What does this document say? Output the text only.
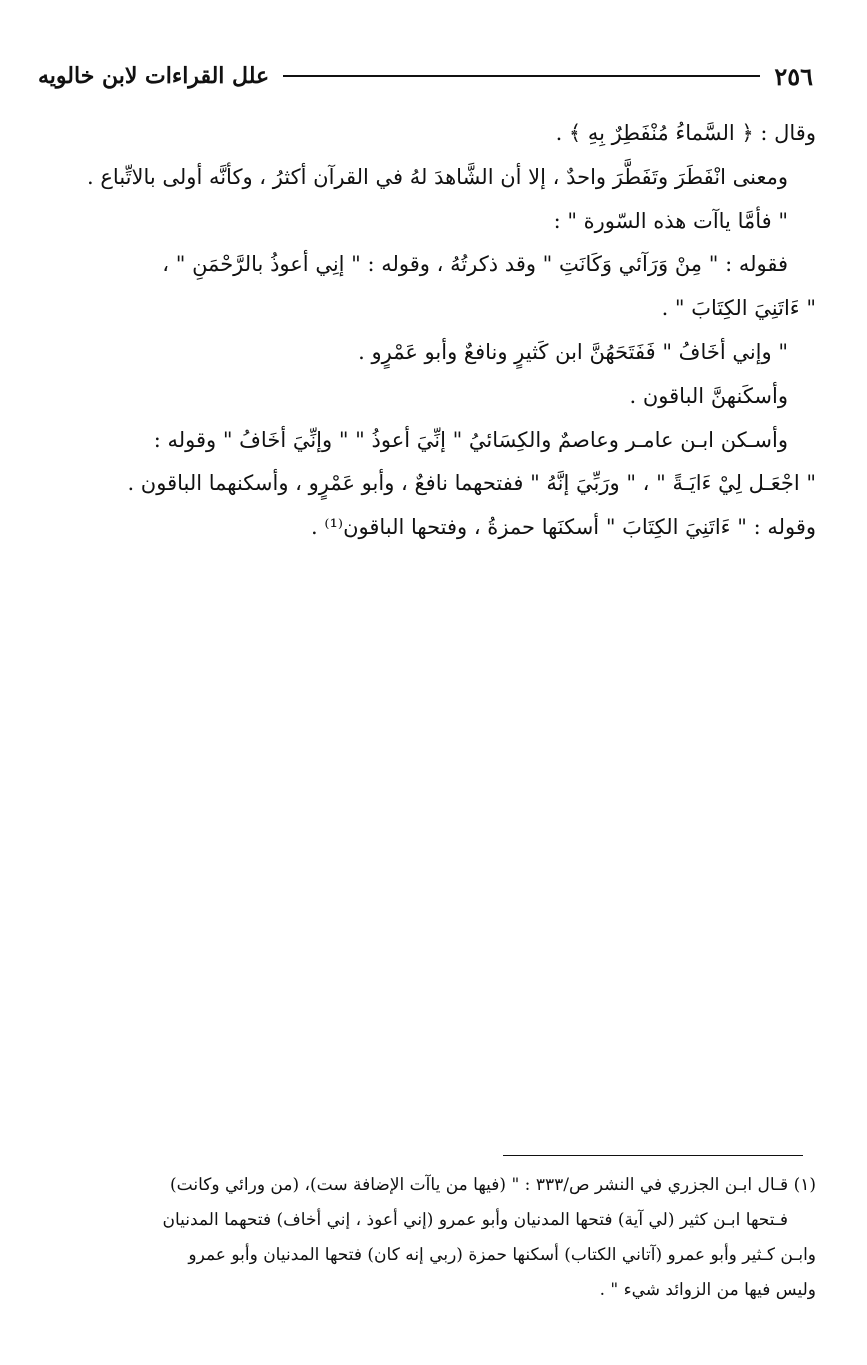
٢٥٦
علل القراءات لابن خالويه

وقال : ﴿ السَّماءُ مُنْفَطِرٌ بِهِ ﴾ .

ومعنى انْفَطَرَ وتَفَطَّرَ واحدٌ ، إلا أن الشَّاهدَ لهُ في القرآن أكثرُ ، وكأنَّه أولى بالاتِّباع .

" فأمَّا ياآت هذه السّورة " :

فقوله : " مِنْ وَرَآئي وَكَانَتِ " وقد ذكرتُهُ ، وقوله : " إنِي أعوذُ بالرَّحْمَنِ " ،

" ءَاتَنِيَ الكِتَابَ " .

" وإني أخَافُ " فَفَتَحَهُنَّ ابن كَثيرٍ ونافعٌ وأبو عَمْرٍو .

وأسكَنهنَّ الباقون .

وأسـكن ابـن عامـر وعاصمٌ والكِسَائيُ " إنِّيَ أعوذُ " " وإنِّيَ أخَافُ " وقوله :

" اجْعَـل لِيْ ءَايَـةً " ، " ورَبِّيَ إنَّهُ " ففتحهما نافعٌ ، وأبو عَمْرٍو ، وأسكنهما الباقون .

وقوله : " ءَاتَنِيَ الكِتَابَ " أسكنَها حمزةُ ، وفتحها الباقون⁽¹⁾ .

(١) قـال ابـن الجزري في النشر ص/٣٣٣ : " (فيها من ياآت الإضافة ست)، (من ورائي وكانت)

فـتحها ابـن كثير (لي آية) فتحها المدنيان وأبو عمرو (إني أعوذ ، إني أخاف) فتحهما المدنيان

وابـن كـثير وأبو عمرو (آتاني الكتاب) أسكنها حمزة (ربي إنه كان) فتحها المدنيان وأبو عمرو

وليس فيها من الزوائد شيء " .
